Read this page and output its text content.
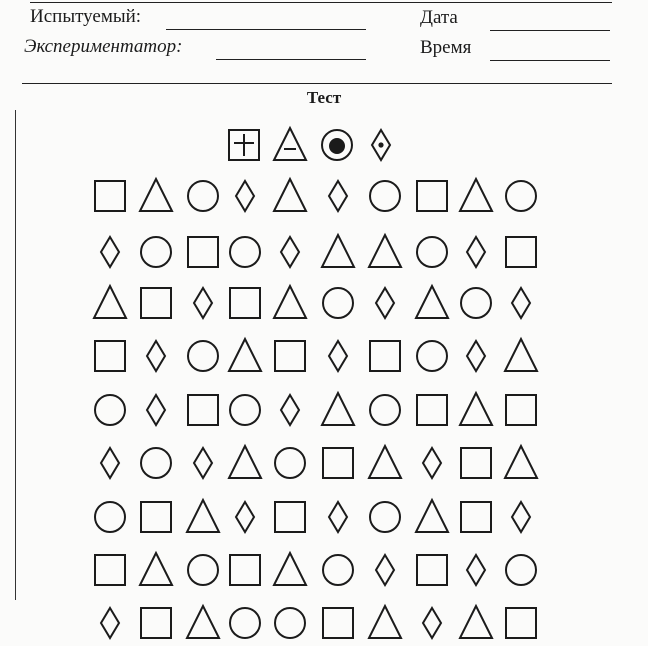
Испытуемый:
Экспериментатор:
Дата
Время
Тест
